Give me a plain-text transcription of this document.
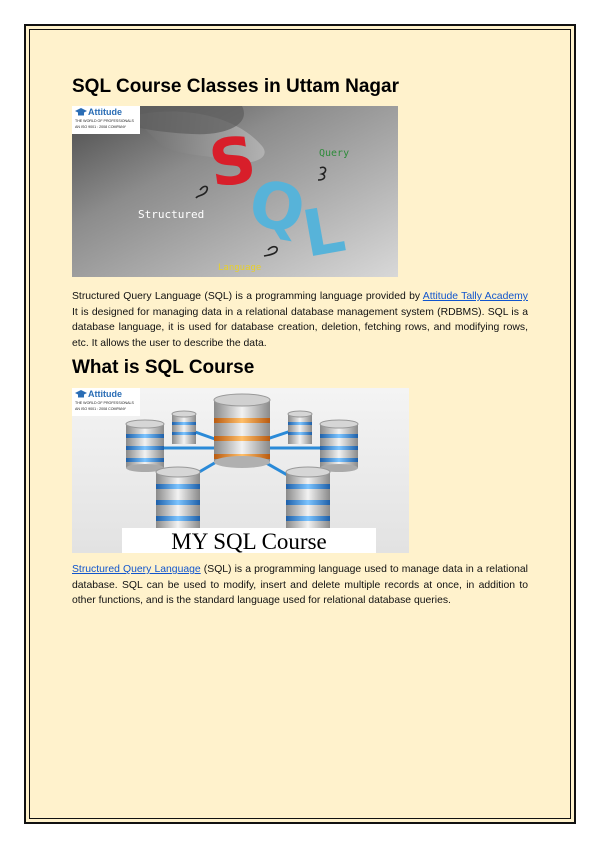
SQL Course Classes in Uttam Nagar
S
Q
L
Query
Structured
Language
Attitude
THE WORLD OF PROFESSIONALS
AN ISO 9001 : 2008 COMPANY

Structured Query Language (SQL) is a programming language provided by Attitude Tally Academy It is designed for managing data in a relational database management system (RDBMS). SQL is a database language, it is used for database creation, deletion, fetching rows, and modifying rows, etc. It allows the user to describe the data.

What is SQL Course
MY SQL Course
Attitude
THE WORLD OF PROFESSIONALS
AN ISO 9001 : 2008 COMPANY

Structured Query Language (SQL) is a programming language used to manage data in a relational database. SQL can be used to modify, insert and delete multiple records at once, in addition to other functions, and is the standard language used for relational database queries.
